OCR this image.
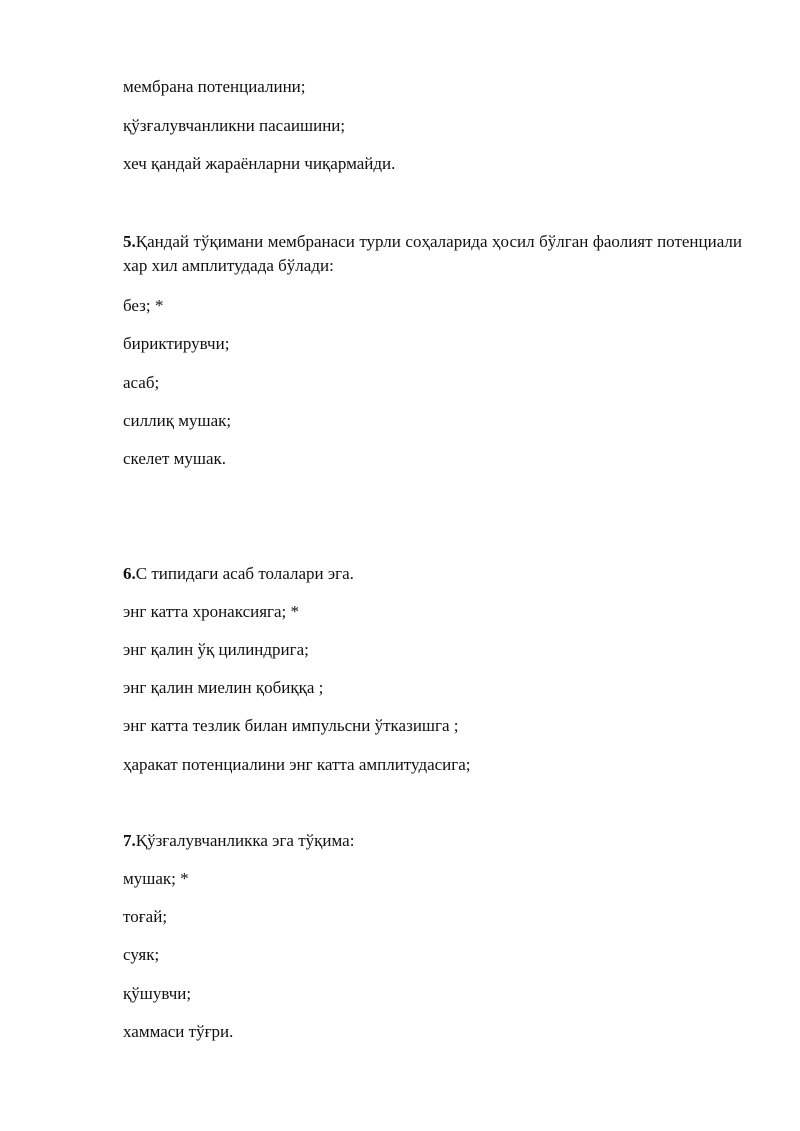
мембрана потенциалини;
қўзғалувчанликни пасаишини;
хеч қандай жараёнларни чиқармайди.
5.Қандай тўқимани мембранаси турли соҳаларида ҳосил бўлган фаолият потенциали хар хил амплитудада бўлади:
без; *
бириктирувчи;
асаб;
силлиқ мушак;
скелет мушак.
6.С типидаги асаб толалари эга.
энг катта хронаксияга; *
энг қалин ўқ цилиндрига;
энг қалин миелин қобиққа ;
энг катта тезлик билан импульсни ўтказишга ;
ҳаракат потенциалини энг катта амплитудасига;
7.Қўзғалувчанликка эга тўқима:
мушак; *
тоғай;
суяк;
қўшувчи;
хаммаси тўғри.
